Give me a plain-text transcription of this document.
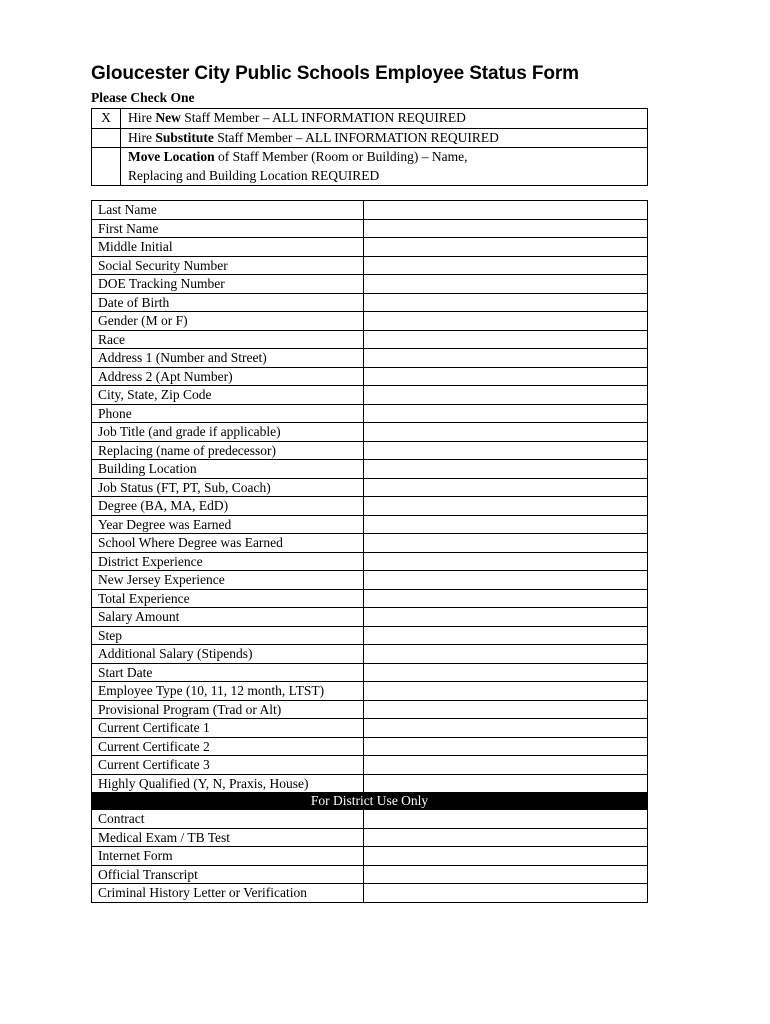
Gloucester City Public Schools Employee Status Form
Please Check One
X	Hire New Staff Member – ALL INFORMATION REQUIRED
	Hire Substitute Staff Member – ALL INFORMATION REQUIRED
	Move Location of Staff Member (Room or Building) – Name,
Replacing and Building Location REQUIRED
Last Name	
First Name	
Middle Initial	
Social Security Number	
DOE Tracking Number	
Date of Birth	
Gender (M or F)	
Race	
Address 1 (Number and Street)	
Address 2 (Apt Number)	
City, State, Zip Code	
Phone	
Job Title (and grade if applicable)	
Replacing (name of predecessor)	
Building Location	
Job Status (FT, PT, Sub, Coach)	
Degree (BA, MA, EdD)	
Year Degree was Earned	
School Where Degree was Earned	
District Experience	
New Jersey Experience	
Total Experience	
Salary Amount	
Step	
Additional Salary (Stipends)	
Start Date	
Employee Type (10, 11, 12 month, LTST)	
Provisional Program (Trad or Alt)	
Current Certificate 1	
Current Certificate 2	
Current Certificate 3	
Highly Qualified (Y, N, Praxis, House)	
For District Use Only	
Contract	
Medical Exam / TB Test	
Internet Form	
Official Transcript	
Criminal History Letter or Verification	
